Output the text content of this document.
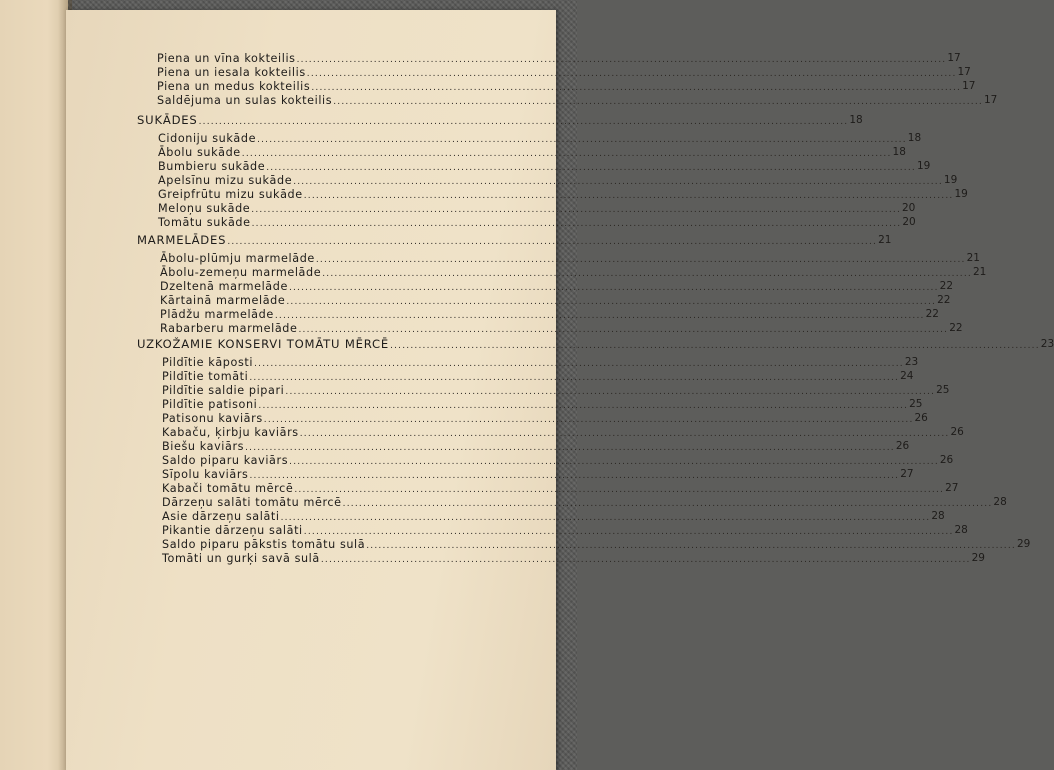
Piena un vīna kokteilis ................................................................................................................................................................ 17
Piena un iesala kokteilis ................................................................................................................................................................ 17
Piena un medus kokteilis ................................................................................................................................................................ 17
Saldējuma un sulas kokteilis ................................................................................................................................................................ 17
SUKĀDES ................................................................................................................................................................ 18
Cidoniju sukāde ................................................................................................................................................................ 18
Ābolu sukāde ................................................................................................................................................................ 18
Bumbieru sukāde ................................................................................................................................................................ 19
Apelsīnu mizu sukāde ................................................................................................................................................................ 19
Greipfrūtu mizu sukāde ................................................................................................................................................................ 19
Meloņu sukāde ................................................................................................................................................................ 20
Tomātu sukāde ................................................................................................................................................................ 20
MARMELĀDES ................................................................................................................................................................ 21
Ābolu-plūmju marmelāde ................................................................................................................................................................ 21
Ābolu-zemeņu marmelāde ................................................................................................................................................................ 21
Dzeltenā marmelāde ................................................................................................................................................................ 22
Kārtainā marmelāde ................................................................................................................................................................ 22
Plādžu marmelāde ................................................................................................................................................................ 22
Rabarberu marmelāde ................................................................................................................................................................ 22
UZKOŽAMIE KONSERVI TOMĀTU MĒRCĒ ................................................................................................................................................................ 23
Pildītie kāposti ................................................................................................................................................................ 23
Pildītie tomāti ................................................................................................................................................................ 24
Pildītie saldie pipari ................................................................................................................................................................ 25
Pildītie patisoni ................................................................................................................................................................ 25
Patisonu kaviārs ................................................................................................................................................................ 26
Kabaču, ķirbju kaviārs ................................................................................................................................................................ 26
Biešu kaviārs ................................................................................................................................................................ 26
Saldo piparu kaviārs ................................................................................................................................................................ 26
Sīpolu kaviārs ................................................................................................................................................................ 27
Kabači tomātu mērcē ................................................................................................................................................................ 27
Dārzeņu salāti tomātu mērcē ................................................................................................................................................................ 28
Asie dārzeņu salāti ................................................................................................................................................................ 28
Pikantie dārzeņu salāti ................................................................................................................................................................ 28
Saldo piparu pākstis tomātu sulā ................................................................................................................................................................ 29
Tomāti un gurķi savā sulā ................................................................................................................................................................ 29
